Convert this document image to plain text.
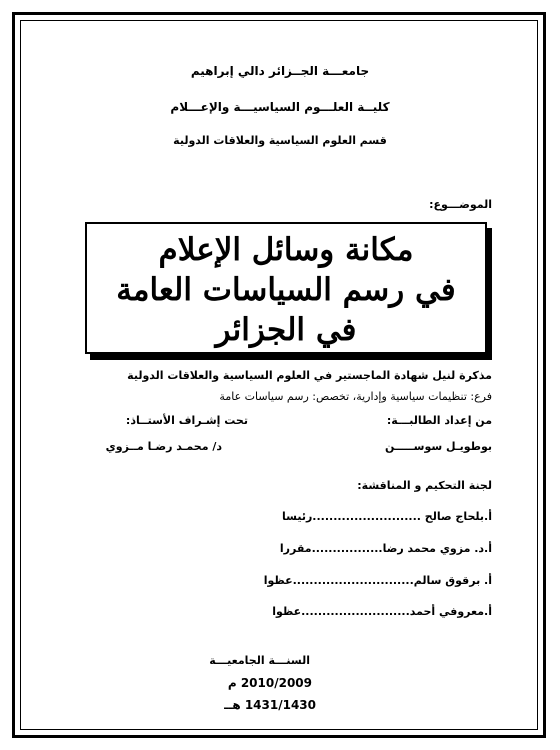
جامعـــة الجــزائر دالي إبراهيم
كليــة العلـــوم السياسيـــة والإعـــلام
قسم العلوم السياسية والعلاقات الدولية
الموضـــوع:
مكانة وسائل الإعلام
في رسم السياسات العامة
في الجزائر
مذكرة لنيل شهادة الماجستير في العلوم السياسية والعلاقات الدولية
فرع: تنظيمات سياسية وإدارية، تخصص: رسم سياسات عامة
من إعداد الطالبـــة:
تحت إشـراف الأستــاذ:
بوطويـل سوســـــن
د/ محمـد رضـا مــزوي
لجنة التحكيم و المناقشة:
أ.بلحاج صالح ..........................رئيسا
أ.د. مزوي محمد رضا.................مقررا
أ. برقوق سالم.............................عظوا
أ.معروفي أحمد..........................عظوا
السنـــة الجامعيـــة
2010/2009 م
1431/1430 هــ
